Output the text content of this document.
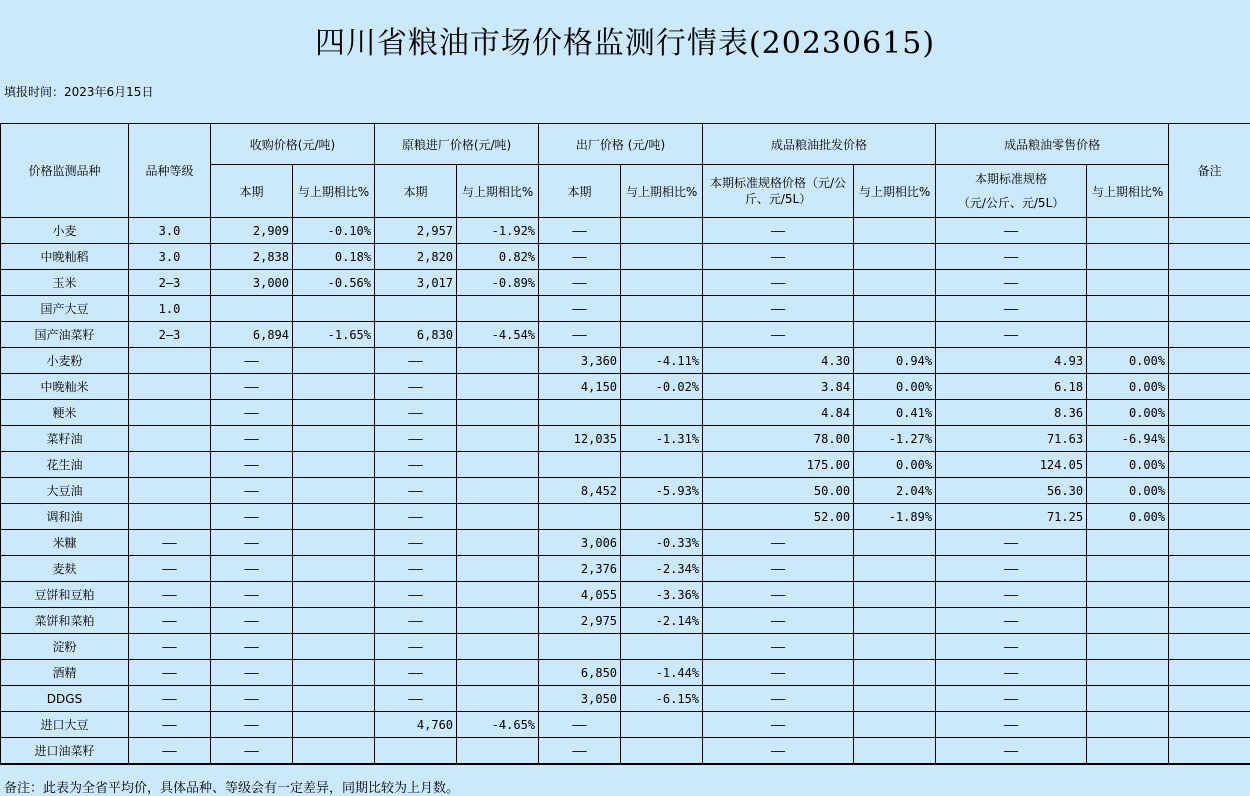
四川省粮油市场价格监测行情表(20230615)
填报时间：2023年6月15日
价格监测品种	品种等级	收购价格(元/吨)		原粮进厂价格(元/吨)		出厂价格 (元/吨)		成品粮油批发价格		成品粮油零售价格		备注
		本期	与上期相比%	本期	与上期相比%	本期	与上期相比%	本期标准规格价格（元/公斤、元/5L）	与上期相比%	本期标准规格
（元/公斤、元/5L）	与上期相比%	
小麦	3.0	2,909	-0.10%	2,957	-1.92%	——		——		——		
中晚籼稻	3.0	2,838	0.18%	2,820	0.82%	——		——		——		
玉米	2—3	3,000	-0.56%	3,017	-0.89%	——		——		——		
国产大豆	1.0					——		——		——		
国产油菜籽	2—3	6,894	-1.65%	6,830	-4.54%	——		——		——		
小麦粉		——		——		3,360	-4.11%	4.30	0.94%	4.93	0.00%	
中晚籼米		——		——		4,150	-0.02%	3.84	0.00%	6.18	0.00%	
粳米		——		——				4.84	0.41%	8.36	0.00%	
菜籽油		——		——		12,035	-1.31%	78.00	-1.27%	71.63	-6.94%	
花生油		——		——				175.00	0.00%	124.05	0.00%	
大豆油		——		——		8,452	-5.93%	50.00	2.04%	56.30	0.00%	
调和油		——		——				52.00	-1.89%	71.25	0.00%	
米糠	——	——		——		3,006	-0.33%	——		——		
麦麸	——	——		——		2,376	-2.34%	——		——		
豆饼和豆粕	——	——		——		4,055	-3.36%	——		——		
菜饼和菜粕	——	——		——		2,975	-2.14%	——		——		
淀粉	——	——		——				——		——		
酒精	——	——		——		6,850	-1.44%	——		——		
DDGS	——	——		——		3,050	-6.15%	——		——		
进口大豆	——	——		4,760	-4.65%	——		——		——		
进口油菜籽	——	——				——		——		——		
备注：此表为全省平均价，具体品种、等级会有一定差异，同期比较为上月数。
